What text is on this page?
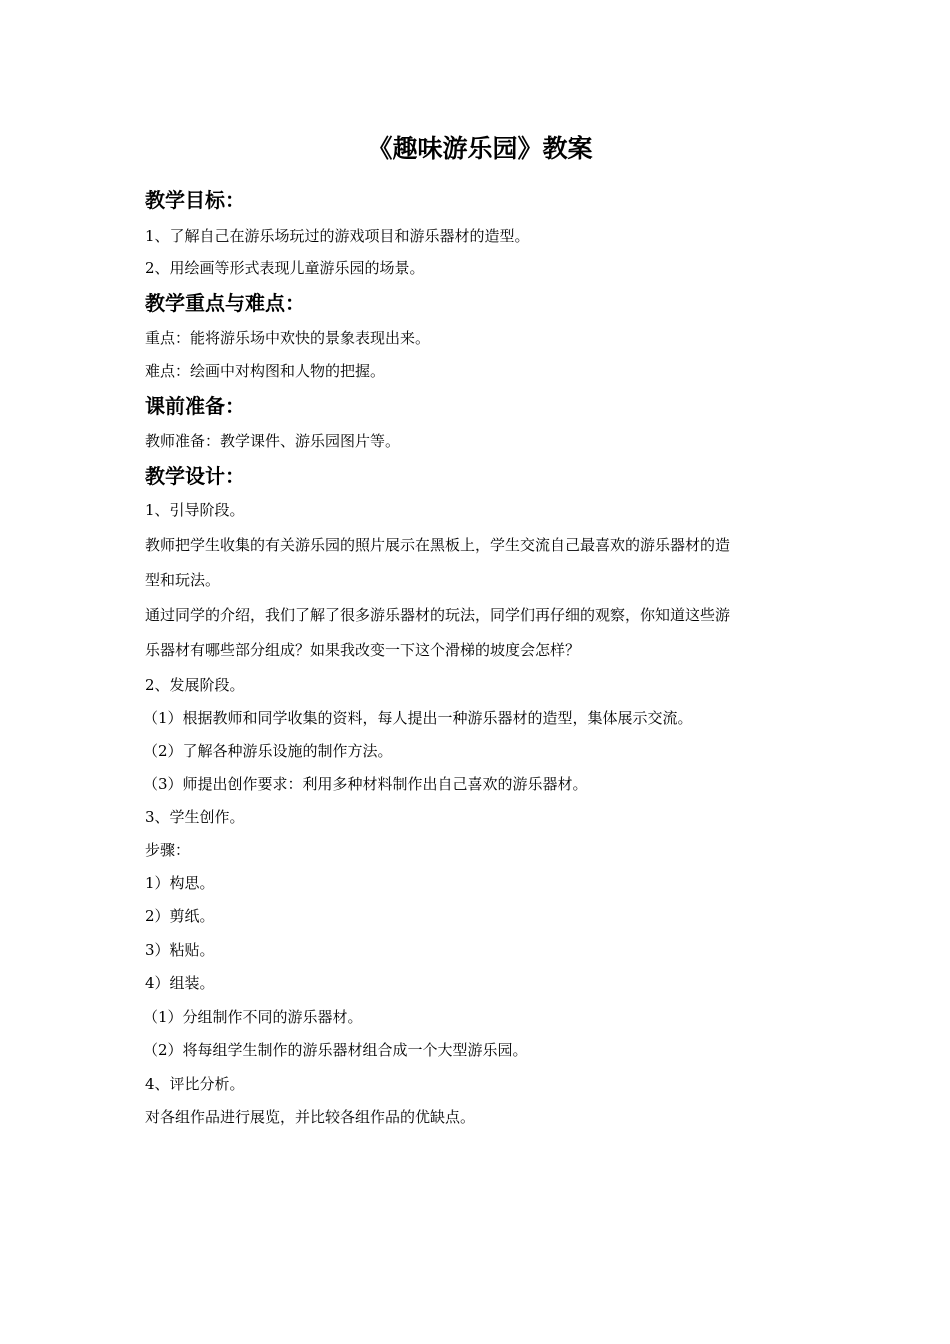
《趣味游乐园》教案
教学目标：

1、了解自己在游乐场玩过的游戏项目和游乐器材的造型。

2、用绘画等形式表现儿童游乐园的场景。

教学重点与难点：

重点：能将游乐场中欢快的景象表现出来。

难点：绘画中对构图和人物的把握。

课前准备：

教师准备：教学课件、游乐园图片等。

教学设计：

1、引导阶段。

教师把学生收集的有关游乐园的照片展示在黑板上，学生交流自己最喜欢的游乐器材的造

型和玩法。

通过同学的介绍，我们了解了很多游乐器材的玩法，同学们再仔细的观察，你知道这些游

乐器材有哪些部分组成？如果我改变一下这个滑梯的坡度会怎样？

2、发展阶段。

（1）根据教师和同学收集的资料，每人提出一种游乐器材的造型，集体展示交流。

（2）了解各种游乐设施的制作方法。

（3）师提出创作要求：利用多种材料制作出自己喜欢的游乐器材。

3、学生创作。

步骤：

1）构思。

2）剪纸。

3）粘贴。

4）组装。

（1）分组制作不同的游乐器材。

（2）将每组学生制作的游乐器材组合成一个大型游乐园。

4、评比分析。

对各组作品进行展览，并比较各组作品的优缺点。
